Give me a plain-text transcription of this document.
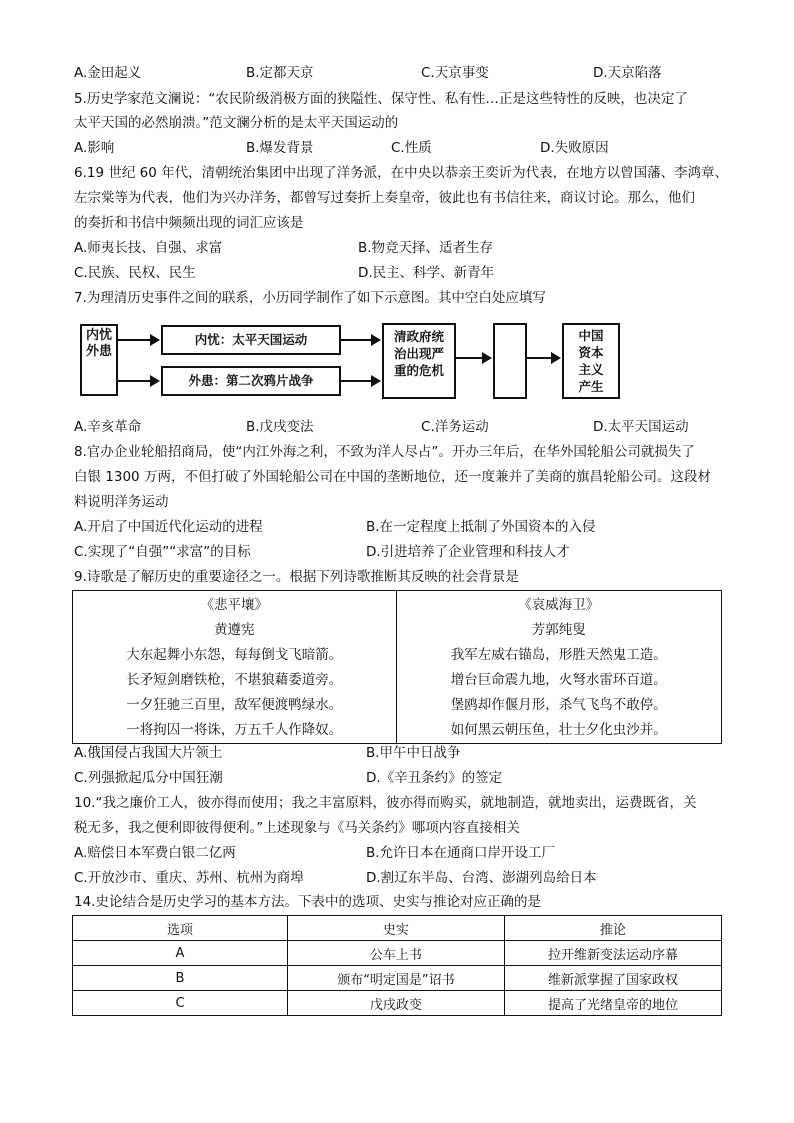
A.金田起义	B.定都天京	C.天京事变	D.天京陷落
5.历史学家范文澜说：“农民阶级消极方面的狭隘性、保守性、私有性…正是这些特性的反映，也决定了
太平天国的必然崩溃。”范文澜分析的是太平天国运动的
A.影响	B.爆发背景	C.性质	D.失败原因
6.19 世纪 60 年代，清朝统治集团中出现了洋务派，在中央以恭亲王奕䜣为代表，在地方以曾国藩、李鸿章、
左宗棠等为代表，他们为兴办洋务，都曾写过奏折上奏皇帝，彼此也有书信往来，商议讨论。那么，他们
的奏折和书信中频频出现的词汇应该是
A.师夷长技、自强、求富	B.物竞天择、适者生存
C.民族、民权、民生	D.民主、科学、新青年
7.为理清历史事件之间的联系，小历同学制作了如下示意图。其中空白处应填写
内忧外患
内忧：太平天国运动
外患：第二次鸦片战争
清政府统治出现严重的危机
中国资本主义产生
A.辛亥革命	B.戊戌变法	C.洋务运动	D.太平天国运动
8.官办企业轮船招商局，使“内江外海之利，不致为洋人尽占”。开办三年后，在华外国轮船公司就损失了
白银 1300 万两，不但打破了外国轮船公司在中国的垄断地位，还一度兼并了美商的旗昌轮船公司。这段材
料说明洋务运动
A.开启了中国近代化运动的进程	B.在一定程度上抵制了外国资本的入侵
C.实现了“自强”“求富”的目标	D.引进培养了企业管理和科技人才
9.诗歌是了解历史的重要途径之一。根据下列诗歌推断其反映的社会背景是
《悲平壤》
黄遵宪
大东起舞小东怨，每每倒戈飞暗箭。
长矛短剑磨铁枪，不堪狼藉委道旁。
一夕狂驰三百里，敌军便渡鸭绿水。
一将拘囚一将诛，万五千人作降奴。

《哀威海卫》
芳郭纯叟
我军左威右锚岛，形胜天然鬼工造。
增台巨命震九地，火弩水雷环百道。
堡鸥却作偃月形，杀气飞鸟不敢停。
如何黑云朝压鱼，壮士夕化虫沙并。
A.俄国侵占我国大片领土	B.甲午中日战争
C.列强掀起瓜分中国狂潮	D.《辛丑条约》的签定
10.“我之廉价工人，彼亦得而使用；我之丰富原料，彼亦得而购买，就地制造，就地卖出，运费既省，关
税无多，我之便利即彼得便利。”上述现象与《马关条约》哪项内容直接相关
A.赔偿日本军费白银二亿两	B.允许日本在通商口岸开设工厂
C.开放沙市、重庆、苏州、杭州为商埠	D.割辽东半岛、台湾、澎湖列岛给日本
14.史论结合是历史学习的基本方法。下表中的选项、史实与推论对应正确的是
选项	史实	推论
A	公车上书	拉开维新变法运动序幕
B	颁布“明定国是”诏书	维新派掌握了国家政权
C	戊戌政变	提高了光绪皇帝的地位
